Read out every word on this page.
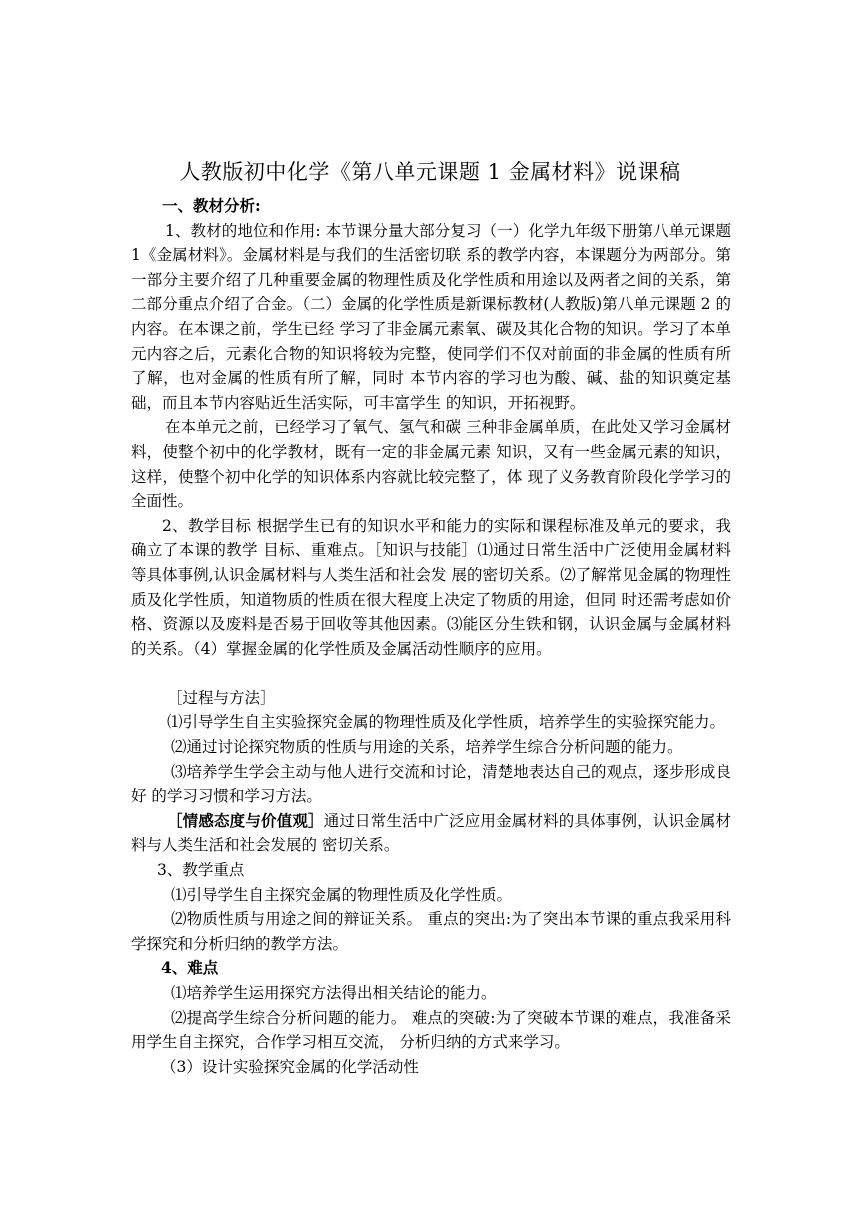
人教版初中化学《第八单元课题 1 金属材料》说课稿

一、教材分析:

1、教材的地位和作用: 本节课分量大部分复习（一）化学九年级下册第八单元课题 1《金属材料》。金属材料是与我们的生活密切联 系的教学内容，本课题分为两部分。第一部分主要介绍了几种重要金属的物理性质及化学性质和用途以及两者之间的关系，第二部分重点介绍了合金。（二）金属的化学性质是新课标教材(人教版)第八单元课题 2 的内容。在本课之前，学生已经 学习了非金属元素氧、碳及其化合物的知识。学习了本单元内容之后，元素化合物的知识将较为完整，使同学们不仅对前面的非金属的性质有所了解，也对金属的性质有所了解，同时 本节内容的学习也为酸、碱、盐的知识奠定基础，而且本节内容贴近生活实际，可丰富学生 的知识，开拓视野。

在本单元之前，已经学习了氧气、氢气和碳 三种非金属单质，在此处又学习金属材料，使整个初中的化学教材，既有一定的非金属元素 知识，又有一些金属元素的知识，这样，使整个初中化学的知识体系内容就比较完整了，体 现了义务教育阶段化学学习的全面性。

2、教学目标 根据学生已有的知识水平和能力的实际和课程标准及单元的要求，我确立了本课的教学 目标、重难点。［知识与技能］⑴通过日常生活中广泛使用金属材料等具体事例,认识金属材料与人类生活和社会发 展的密切关系。⑵了解常见金属的物理性质及化学性质，知道物质的性质在很大程度上决定了物质的用途，但同 时还需考虑如价格、资源以及废料是否易于回收等其他因素。⑶能区分生铁和钢，认识金属与金属材料的关系。（4）掌握金属的化学性质及金属活动性顺序的应用。

［过程与方法］

⑴引导学生自主实验探究金属的物理性质及化学性质，培养学生的实验探究能力。

⑵通过讨论探究物质的性质与用途的关系，培养学生综合分析问题的能力。

⑶培养学生学会主动与他人进行交流和讨论，清楚地表达自己的观点，逐步形成良好 的学习习惯和学习方法。

［情感态度与价值观］通过日常生活中广泛应用金属材料的具体事例，认识金属材料与人类生活和社会发展的 密切关系。

3、教学重点

⑴引导学生自主探究金属的物理性质及化学性质。

⑵物质性质与用途之间的辩证关系。 重点的突出:为了突出本节课的重点我采用科学探究和分析归纳的教学方法。

4、难点

⑴培养学生运用探究方法得出相关结论的能力。

⑵提高学生综合分析问题的能力。 难点的突破:为了突破本节课的难点，我准备采用学生自主探究，合作学习相互交流， 分析归纳的方式来学习。

（3）设计实验探究金属的化学活动性
